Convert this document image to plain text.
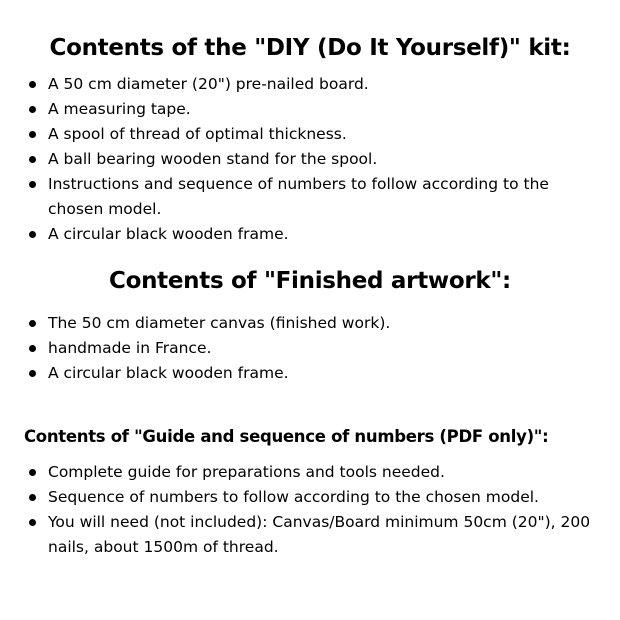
Contents of the "DIY (Do It Yourself)" kit:
A 50 cm diameter (20") pre-nailed board.
A measuring tape.
A spool of thread of optimal thickness.
A ball bearing wooden stand for the spool.
Instructions and sequence of numbers to follow according to the chosen model.
A circular black wooden frame.
Contents of "Finished artwork":
The 50 cm diameter canvas (finished work).
handmade in France.
A circular black wooden frame.
Contents of "Guide and sequence of numbers (PDF only)":
Complete guide for preparations and tools needed.
Sequence of numbers to follow according to the chosen model.
You will need (not included): Canvas/Board minimum 50cm (20"), 200 nails, about 1500m of thread.
